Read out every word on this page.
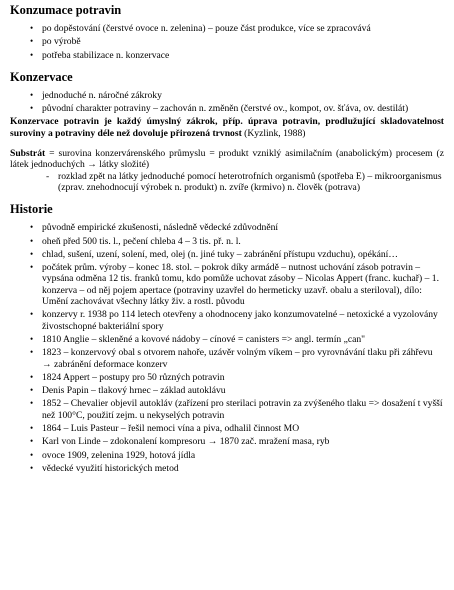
Konzumace potravin
• po dopěstování (čerstvé ovoce n. zelenina) – pouze část produkce, více se zpracovává
• po výrobě
• potřeba stabilizace n. konzervace
Konzervace
• jednoduché n. náročné zákroky
• původní charakter potraviny – zachován n. změněn (čerstvé ov., kompot, ov. šťáva, ov. destilát)

Konzervace potravin je každý úmyslný zákrok, příp. úprava potravin, prodlužující skladovatelnost suroviny a potraviny déle než dovoluje přirozená trvnost (Kyzlink, 1988)

Substrát = surovina konzervárenského průmyslu = produkt vzniklý asimilačním (anabolickým) procesem (z látek jednoduchých → látky složité)

- rozklad zpět na látky jednoduché pomocí heterotrofních organismů (spotřeba E) – mikroorganismus (zprav. znehodnocují výrobek n. produkt) n. zvíře (krmivo) n. člověk (potrava)
Historie
• původně empirické zkušenosti, následně vědecké zdůvodnění
• oheň před 500 tis. l., pečení chleba 4 – 3 tis. př. n. l.
• chlad, sušení, uzení, solení, med, olej (n. jiné tuky – zabránění přístupu vzduchu), opékání…
• počátek prům. výroby – konec 18. stol. – pokrok díky armádě – nutnost uchování zásob potravin – vypsána odměna 12 tis. franků tomu, kdo pomůže uchovat zásoby – Nicolas Appert (franc. kuchař) – 1. konzerva – od něj pojem apertace (potraviny uzavřel do hermeticky uzavř. obalu a steriloval), dílo: Umění zachovávat všechny látky živ. a rostl. původu
• konzervy r. 1938 po 114 letech otevřeny a ohodnoceny jako konzumovatelné – netoxické a vyzolovány živostschopné bakteriální spory
• 1810 Anglie – skleněné a kovové nádoby – cínové = canisters => angl. termín „can"
• 1823 – konzervový obal s otvorem nahoře, uzávěr volným víkem – pro vyrovnávání tlaku při záhřevu → zabránění deformace konzerv
• 1824 Appert – postupy pro 50 různých potravin
• Denis Papin – tlakový hrnec – základ autoklávu
• 1852 – Chevalier objevil autokláv (zařízení pro sterilaci potravin za zvýšeného tlaku => dosažení t vyšší než 100°C, použití zejm. u nekyselých potravin
• 1864 – Luis Pasteur – řešil nemoci vína a piva, odhalil činnost MO
• Karl von Linde – zdokonalení kompresoru → 1870 zač. mražení masa, ryb
• ovoce 1909, zelenina 1929, hotová jídla
• vědecké využití historických metod
